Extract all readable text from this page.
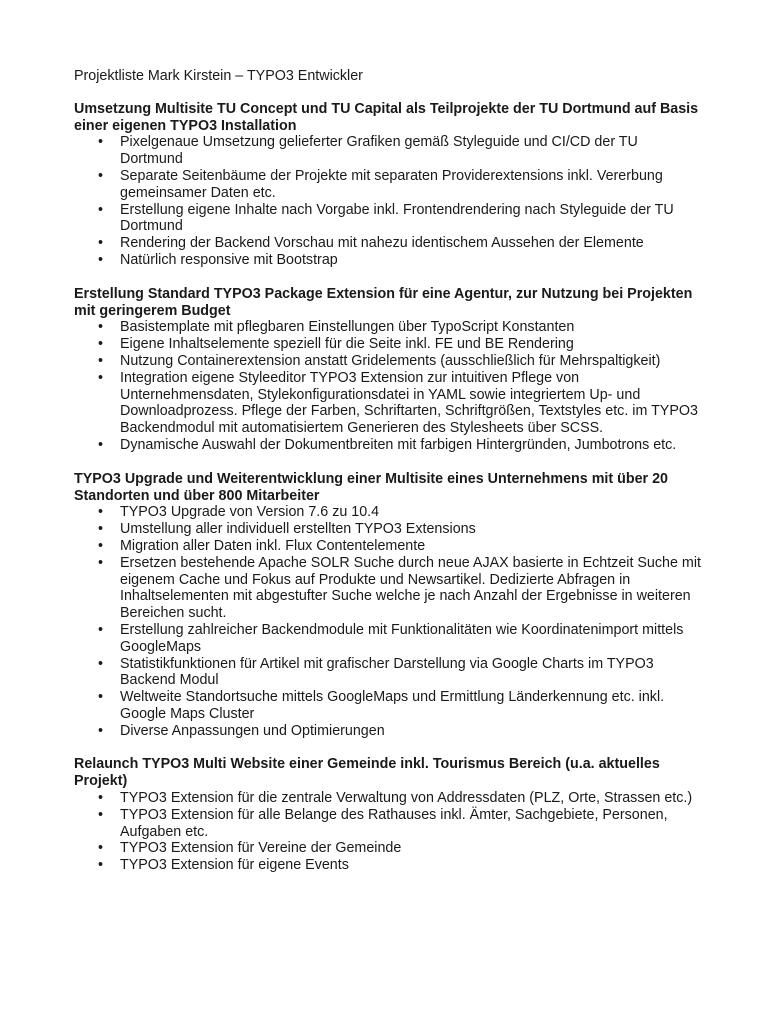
Projektliste Mark Kirstein – TYPO3 Entwickler

Umsetzung Multisite TU Concept und TU Capital als Teilprojekte der TU Dortmund auf Basis einer eigenen TYPO3 Installation

• Pixelgenaue Umsetzung gelieferter Grafiken gemäß Styleguide und CI/CD der TU Dortmund
• Separate Seitenbäume der Projekte mit separaten Providerextensions inkl. Vererbung gemeinsamer Daten etc.
• Erstellung eigene Inhalte nach Vorgabe inkl. Frontendrendering nach Styleguide der TU Dortmund
• Rendering der Backend Vorschau mit nahezu identischem Aussehen der Elemente
• Natürlich responsive mit Bootstrap

Erstellung Standard TYPO3 Package Extension für eine Agentur, zur Nutzung bei Projekten mit geringerem Budget

• Basistemplate mit pflegbaren Einstellungen über TypoScript Konstanten
• Eigene Inhaltselemente speziell für die Seite inkl. FE und BE Rendering
• Nutzung Containerextension anstatt Gridelements (ausschließlich für Mehrspaltigkeit)
• Integration eigene Styleeditor TYPO3 Extension zur intuitiven Pflege von Unternehmensdaten, Stylekonfigurationsdatei in YAML sowie integriertem Up- und Downloadprozess. Pflege der Farben, Schriftarten, Schriftgrößen, Textstyles etc. im TYPO3 Backendmodul mit automatisiertem Generieren des Stylesheets über SCSS.
• Dynamische Auswahl der Dokumentbreiten mit farbigen Hintergründen, Jumbotrons etc.

TYPO3 Upgrade und Weiterentwicklung einer Multisite eines Unternehmens mit über 20 Standorten und über 800 Mitarbeiter

• TYPO3 Upgrade von Version 7.6 zu 10.4
• Umstellung aller individuell erstellten TYPO3 Extensions
• Migration aller Daten inkl. Flux Contentelemente
• Ersetzen bestehende Apache SOLR Suche durch neue AJAX basierte in Echtzeit Suche mit eigenem Cache und Fokus auf Produkte und Newsartikel. Dedizierte Abfragen in Inhaltselementen mit abgestufter Suche welche je nach Anzahl der Ergebnisse in weiteren Bereichen sucht.
• Erstellung zahlreicher Backendmodule mit Funktionalitäten wie Koordinatenimport mittels GoogleMaps
• Statistikfunktionen für Artikel mit grafischer Darstellung via Google Charts im TYPO3 Backend Modul
• Weltweite Standortsuche mittels GoogleMaps und Ermittlung Länderkennung etc. inkl. Google Maps Cluster
• Diverse Anpassungen und Optimierungen

Relaunch TYPO3 Multi Website einer Gemeinde inkl. Tourismus Bereich (u.a. aktuelles Projekt)

• TYPO3 Extension für die zentrale Verwaltung von Addressdaten (PLZ, Orte, Strassen etc.)
• TYPO3 Extension für alle Belange des Rathauses inkl. Ämter, Sachgebiete, Personen, Aufgaben etc.
• TYPO3 Extension für Vereine der Gemeinde
• TYPO3 Extension für eigene Events
